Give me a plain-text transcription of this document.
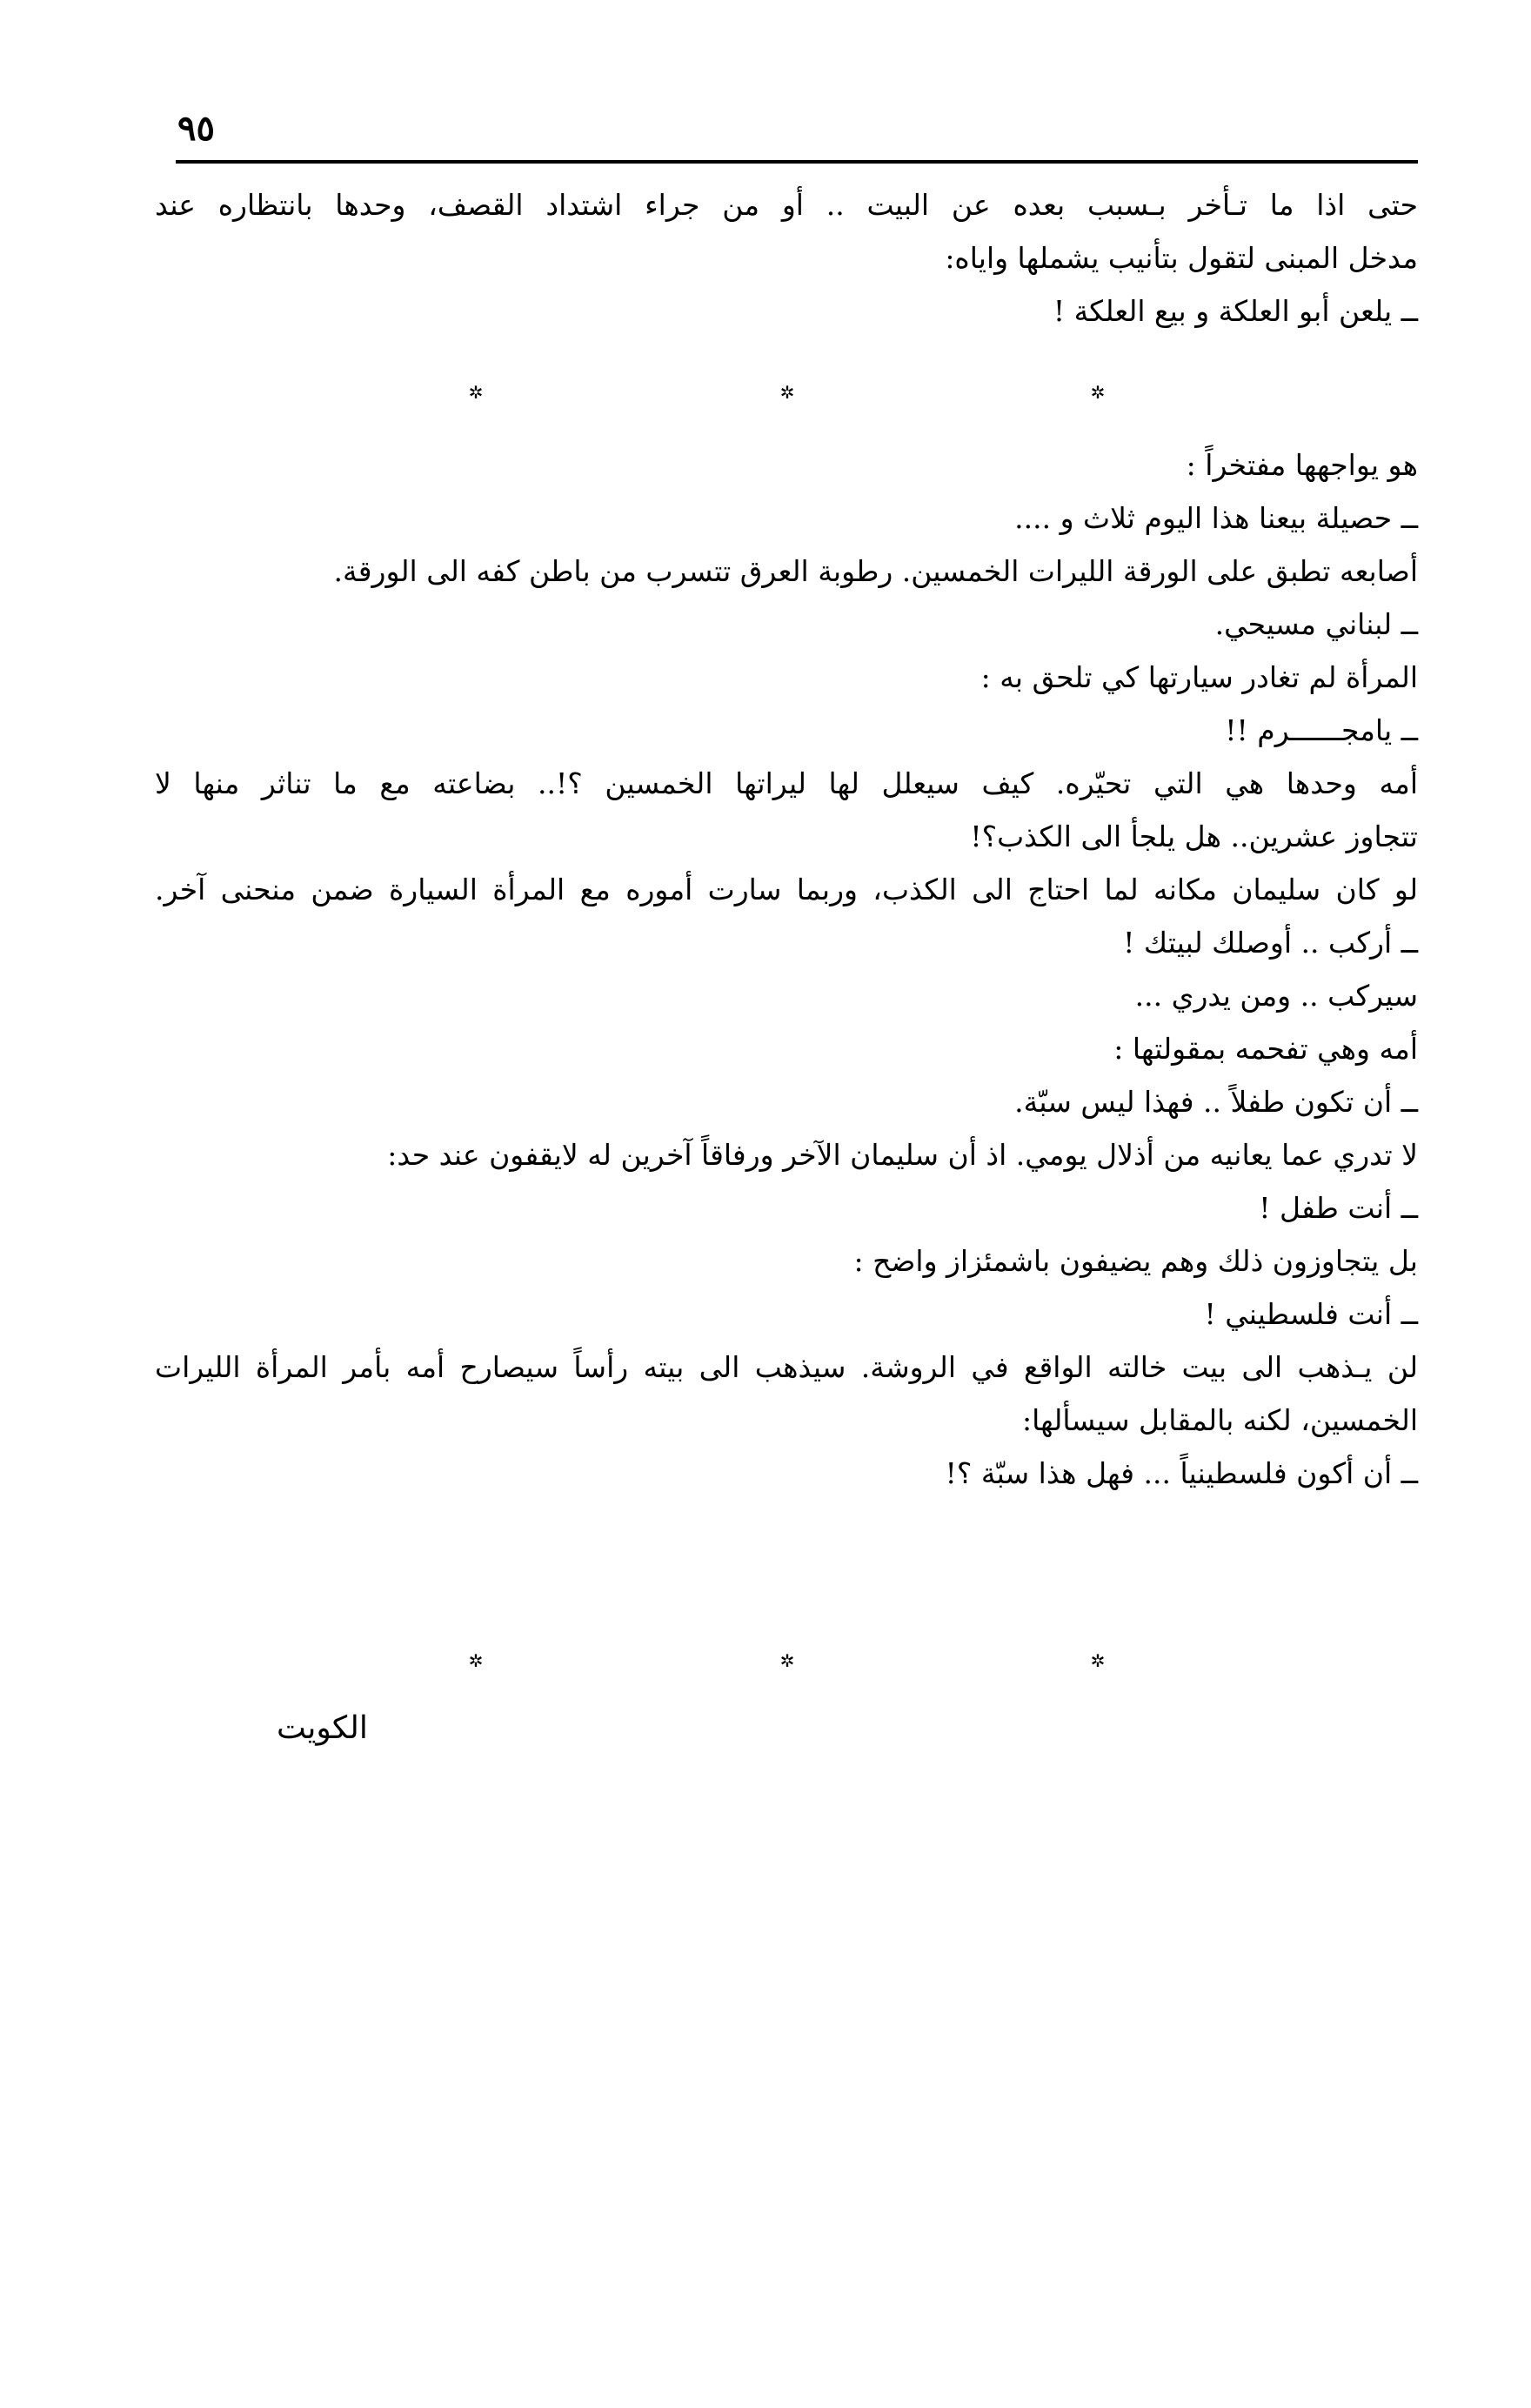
٩٥
حتى اذا ما تـأخر بـسبب بعده عن البيت .. أو من جراء اشتداد القصف، وحدها بانتظاره عند
مدخل المبنى لتقول بتأنيب يشملها واياه:
ــ يلعن أبو العلكة و بيع العلكة !
✲	✲	✲
هو يواجهها مفتخراً :
ــ حصيلة بيعنا هذا اليوم ثلاث و ....
أصابعه تطبق على الورقة الليرات الخمسين. رطوبة العرق تتسرب من باطن كفه الى الورقة.
ــ لبناني مسيحي.
المرأة لم تغادر سيارتها كي تلحق به :
ــ يامجــــــرم !!
أمه وحدها هي التي تحيّره. كيف سيعلل لها ليراتها الخمسين ؟!.. بضاعته مع ما تناثر منها لا
تتجاوز عشرين.. هل يلجأ الى الكذب؟!
لو كان سليمان مكانه لما احتاج الى الكذب، وربما سارت أموره مع المرأة السيارة ضمن منحنى آخر.
ــ أركب .. أوصلك لبيتك !
سيركب .. ومن يدري ...
أمه وهي تفحمه بمقولتها :
ــ أن تكون طفلاً .. فهذا ليس سبّة.
لا تدري عما يعانيه من أذلال يومي. اذ أن سليمان الآخر ورفاقاً آخرين له لايقفون عند حد:
ــ أنت طفل !
بل يتجاوزون ذلك وهم يضيفون باشمئزاز واضح :
ــ أنت فلسطيني !
لن يـذهب الى بيت خالته الواقع في الروشة. سيذهب الى بيته رأساً سيصارح أمه بأمر المرأة الليرات
الخمسين، لكنه بالمقابل سيسألها:
ــ أن أكون فلسطينياً ... فهل هذا سبّة ؟!
✲	✲	✲
الكويت
